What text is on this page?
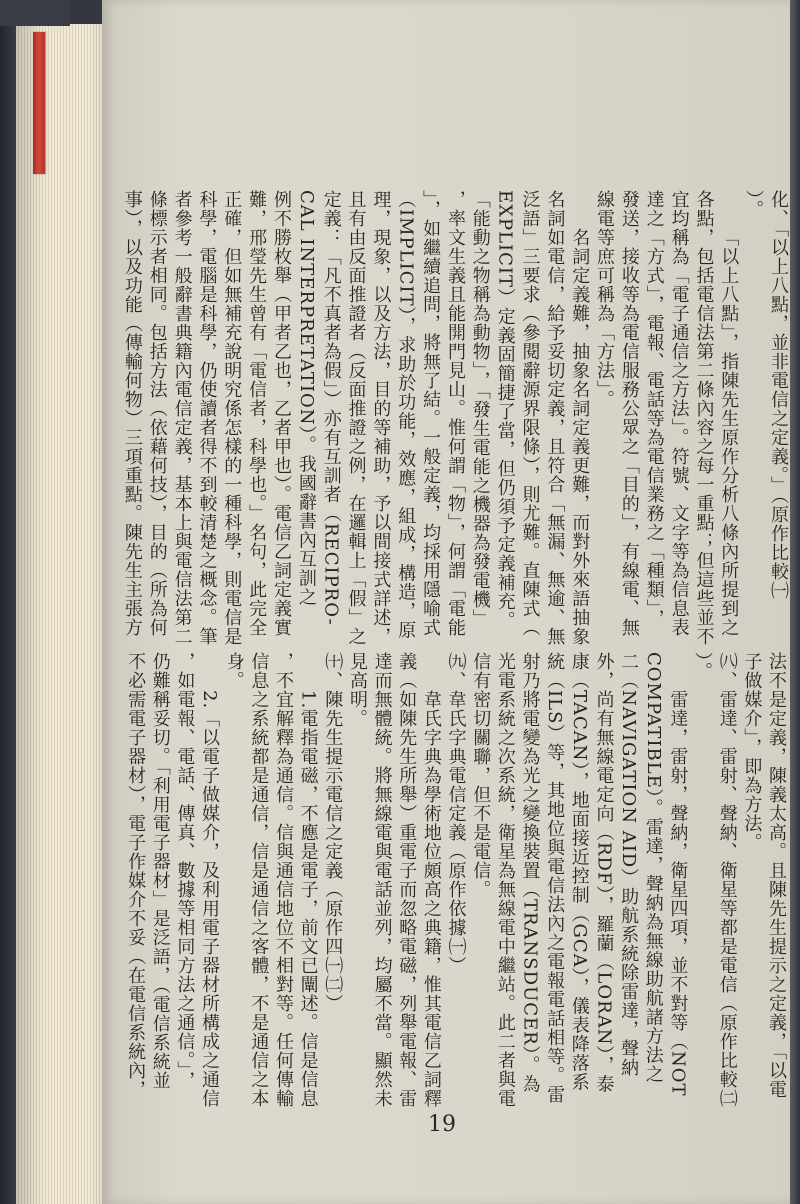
化、「以上八點，並非電信之定義。」（原作比較㈠
）。
「以上八點」，指陳先生原作分析八條內所提到之
各點，包括電信法第二條內容之每一重點；但這些並不
宜均稱為「電子通信之方法」。符號、文字等為信息表
達之「方式」，電報、電話等為電信業務之「種類」，
發送，接收等為電信服務公眾之「目的」，有線電、無
線電等庶可稱為「方法」。
名詞定義難，抽象名詞定義更難，而對外來語抽象
名詞如電信，給予妥切定義，且符合「無漏、無逾、無
泛語」三要求（參閱辭源界限條），則尤難。直陳式（
EXPLICIT）定義固簡捷了當，但仍須予定義補充。
「能動之物稱為動物」，「發生電能之機器為發電機」
，率文生義且能開門見山。惟何謂「物」，何謂「電能
」，如繼續追問，將無了結。一般定義，均採用隱喻式
（IMPLICIT），求助於功能，效應，組成，構造，原
理，現象，以及方法，目的等補助，予以間接式詳述，
且有由反面推證者（反面推證之例，在邏輯上「假」之
定義：「凡不真者為假」）亦有互訓者（RECIPRO-
CAL INTERPRETATION）。我國辭書內互訓之
例不勝枚舉（甲者乙也，乙者甲也）。電信乙詞定義實
難，邢瑩先生曾有「電信者，科學也。」名句，此完全
正確，但如無補充說明究係怎樣的一種科學，則電信是
科學，電腦是科學，仍使讀者得不到較清楚之概念。筆
者參考一般辭書典籍內電信定義，基本上與電信法第二
條標示者相同。包括方法（依藉何技），目的（所為何
事），以及功能（傳輸何物）三項重點。陳先生主張方
法不是定義，陳義太高。且陳先生提示之定義，「以電
子做媒介」，即為方法。
㈧、雷達、雷射、聲納、衛星等都是電信（原作比較㈡
）。
雷達，雷射，聲納，衛星四項，並不對等（NOT
COMPATIBLE）。雷達，聲納為無線助航諸方法之
二（NAVIGATION AID）助航系統除雷達，聲納
外，尚有無線電定向（RDF），羅蘭（LORAN），泰
康（TACAN），地面接近控制（GCA），儀表降落系
統（ILS）等，其地位與電信法內之電報電話相等。雷
射乃將電變為光之變換裝置（TRANSDUCER）。為
光電系統之次系統，衛星為無線電中繼站。此二者與電
信有密切關聯，但不是電信。
㈨、韋氏字典電信定義（原作依據㈠）
韋氏字典為學術地位頗高之典籍，惟其電信乙詞釋
義（如陳先生所舉）重電子而忽略電磁，列舉電報、雷
達而無體統。將無線電與電話並列，均屬不當。顯然未
見高明。
㈩、陳先生提示電信之定義（原作四㈠㈡）
1.電指電磁，不應是電子，前文已闡述。信是信息
，不宜解釋為通信。信與通信地位不相對等。任何傳輸
信息之系統都是通信，信是通信之客體，不是通信之本
身。
2.「以電子做媒介，及利用電子器材所構成之通信
，如電報、電話、傳真、數據等相同方法之通信。」，
仍難稱妥切。「利用電子器材」是泛語，（電信系統並
不必需電子器材），電子作媒介不妥（在電信系統內，
19
